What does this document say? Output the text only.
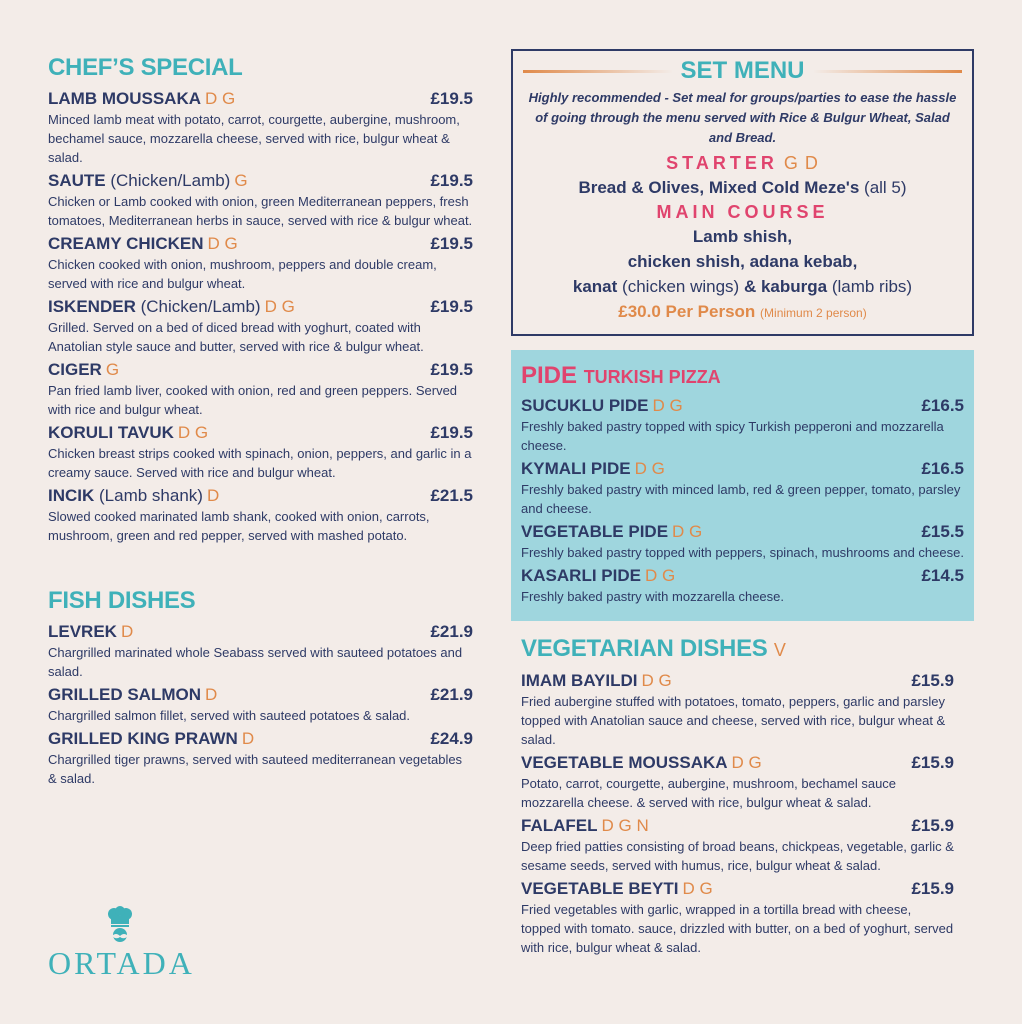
CHEF’S SPECIAL
LAMB MOUSSAKA D G	£19.5
Minced lamb meat with potato, carrot, courgette, aubergine, mushroom, bechamel sauce, mozzarella cheese, served with rice, bulgur wheat & salad.
SAUTE (Chicken/Lamb) G	£19.5
Chicken or Lamb cooked with onion, green Mediterranean peppers, fresh tomatoes, Mediterranean herbs in sauce, served with rice & bulgur wheat.
CREAMY CHICKEN D G	£19.5
Chicken cooked with onion, mushroom, peppers and double cream, served with rice and bulgur wheat.
ISKENDER (Chicken/Lamb) D G	£19.5
Grilled. Served on a bed of diced bread with yoghurt, coated with Anatolian style sauce and butter, served with rice & bulgur wheat.
CIGER G	£19.5
Pan fried lamb liver, cooked with onion, red and green peppers. Served with rice and bulgur wheat.
KORULI TAVUK D G	£19.5
Chicken breast strips cooked with spinach, onion, peppers, and garlic in a creamy sauce. Served with rice and bulgur wheat.
INCIK (Lamb shank) D	£21.5
Slowed cooked marinated lamb shank, cooked with onion, carrots, mushroom, green and red pepper, served with mashed potato.
FISH DISHES
LEVREK D	£21.9
Chargrilled marinated whole Seabass served with sauteed potatoes and salad.
GRILLED SALMON D	£21.9
Chargrilled salmon fillet, served with sauteed potatoes & salad.
GRILLED KING PRAWN D	£24.9
Chargrilled tiger prawns, served with sauteed mediterranean vegetables & salad.
ORTADA
SET MENU
Highly recommended - Set meal for groups/parties to ease the hassle of going through the menu served with Rice & Bulgur Wheat, Salad and Bread.
STARTER G D
Bread & Olives, Mixed Cold Meze's (all 5)
MAIN COURSE
Lamb shish,
chicken shish, adana kebab,
kanat (chicken wings) & kaburga (lamb ribs)
£30.0 Per Person (Minimum 2 person)
PIDE TURKISH PIZZA
SUCUKLU PIDE D G	£16.5
Freshly baked pastry topped with spicy Turkish pepperoni and mozzarella cheese.
KYMALI PIDE D G	£16.5
Freshly baked pastry with minced lamb, red & green pepper, tomato, parsley and cheese.
VEGETABLE PIDE D G	£15.5
Freshly baked pastry topped with peppers, spinach, mushrooms and cheese.
KASARLI PIDE D G	£14.5
Freshly baked pastry with mozzarella cheese.
VEGETARIAN DISHES V
IMAM BAYILDI D G	£15.9
Fried aubergine stuffed with potatoes, tomato, peppers, garlic and parsley topped with Anatolian sauce and cheese, served with rice, bulgur wheat & salad.
VEGETABLE MOUSSAKA D G	£15.9
Potato, carrot, courgette, aubergine, mushroom, bechamel sauce mozzarella cheese. & served with rice, bulgur wheat & salad.
FALAFEL D G N	£15.9
Deep fried patties consisting of broad beans, chickpeas, vegetable, garlic & sesame seeds, served with humus, rice, bulgur wheat & salad.
VEGETABLE BEYTI D G	£15.9
Fried vegetables with garlic, wrapped in a tortilla bread with cheese, topped with tomato. sauce, drizzled with butter, on a bed of yoghurt, served with rice, bulgur wheat & salad.
